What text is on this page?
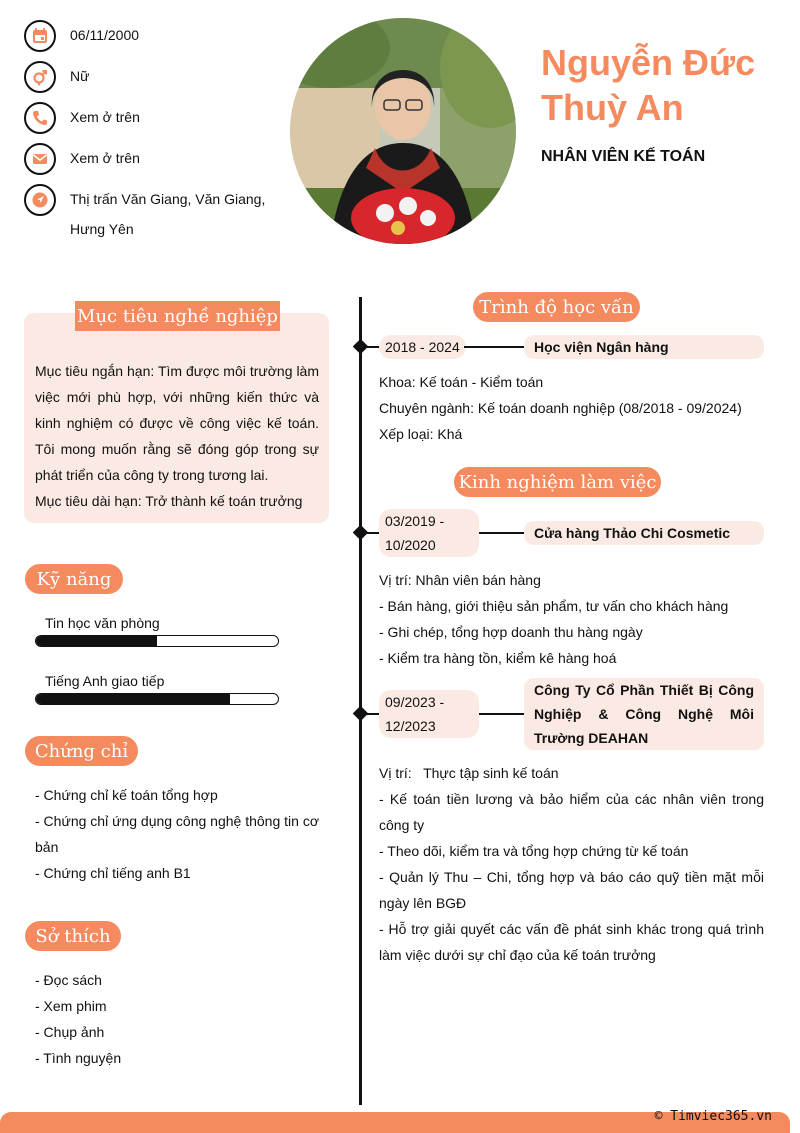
06/11/2000
Nữ
Xem ở trên
Xem ở trên
Thị trấn Văn Giang, Văn Giang,
Hưng Yên
Nguyễn Đức
Thuỳ An
NHÂN VIÊN KẾ TOÁN
Mục tiêu nghề nghiệp
Mục tiêu ngắn hạn: Tìm được môi trường làm việc mới phù hợp, với những kiến thức và kinh nghiệm có được về công việc kế toán. Tôi mong muốn rằng sẽ đóng góp trong sự phát triển của công ty trong tương lai.
Mục tiêu dài hạn: Trở thành kế toán trưởng
Kỹ năng
Tin học văn phòng
Tiếng Anh giao tiếp
Chứng chỉ
- Chứng chỉ kế toán tổng hợp
- Chứng chỉ ứng dụng công nghệ thông tin cơ bản
- Chứng chỉ tiếng anh B1
Sở thích
- Đọc sách
- Xem phim
- Chụp ảnh
- Tình nguyện
Trình độ học vấn
2018 - 2024	Học viện Ngân hàng
Khoa: Kế toán - Kiểm toán
Chuyên ngành: Kế toán doanh nghiệp (08/2018 - 09/2024)
Xếp loại: Khá
Kinh nghiệm làm việc
03/2019 -
10/2020
Cửa hàng Thảo Chi Cosmetic
Vị trí: Nhân viên bán hàng
- Bán hàng, giới thiệu sản phẩm, tư vấn cho khách hàng
- Ghi chép, tổng hợp doanh thu hàng ngày
- Kiểm tra hàng tồn, kiểm kê hàng hoá
09/2023 -
12/2023
Công Ty Cổ Phần Thiết Bị Công Nghiệp & Công Nghệ Môi Trường DEAHAN
Vị trí:   Thực tập sinh kế toán
- Kế toán tiền lương và bảo hiểm của các nhân viên trong công ty
- Theo dõi, kiểm tra và tổng hợp chứng từ kế toán
- Quản lý Thu – Chi, tổng hợp và báo cáo quỹ tiền mặt mỗi ngày lên BGĐ
- Hỗ trợ giải quyết các vấn đề phát sinh khác trong quá trình làm việc dưới sự chỉ đạo của kế toán trưởng
© Timviec365.vn
